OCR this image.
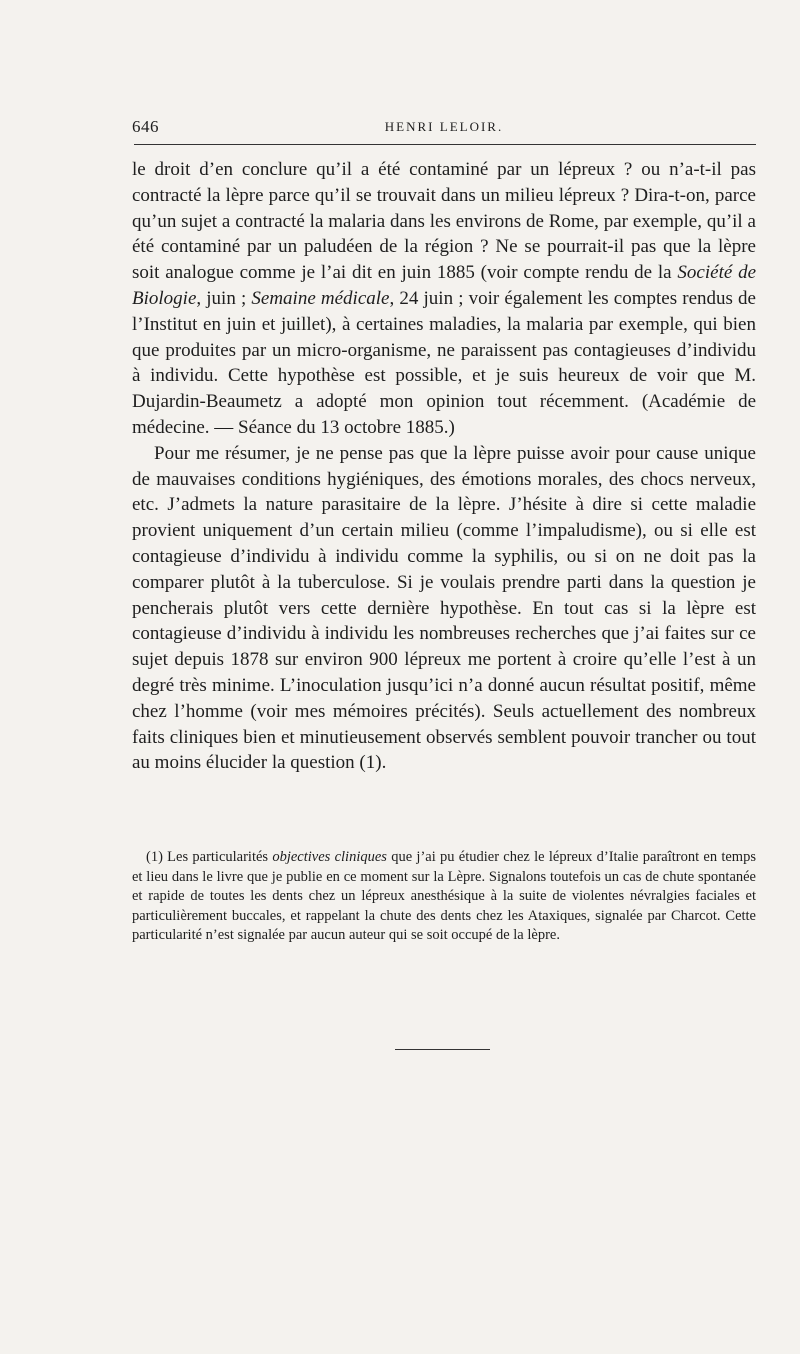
646	HENRI LELOIR.

le droit d’en conclure qu’il a été contaminé par un lépreux ? ou n’a-t-il pas contracté la lèpre parce qu’il se trouvait dans un milieu lépreux ? Dira-t-on, parce qu’un sujet a contracté la malaria dans les environs de Rome, par exemple, qu’il a été contaminé par un paludéen de la région ? Ne se pourrait-il pas que la lèpre soit analogue comme je l’ai dit en juin 1885 (voir compte rendu de la Société de Biologie, juin ; Semaine médicale, 24 juin ; voir également les comptes rendus de l’Institut en juin et juillet), à certaines maladies, la malaria par exemple, qui bien que produites par un micro-organisme, ne paraissent pas contagieuses d’individu à individu. Cette hypothèse est possible, et je suis heureux de voir que M. Dujardin-Beaumetz a adopté mon opinion tout récemment. (Académie de médecine. — Séance du 13 octobre 1885.)

Pour me résumer, je ne pense pas que la lèpre puisse avoir pour cause unique de mauvaises conditions hygiéniques, des émotions morales, des chocs nerveux, etc. J’admets la nature parasitaire de la lèpre. J’hésite à dire si cette maladie provient uniquement d’un certain milieu (comme l’impaludisme), ou si elle est contagieuse d’individu à individu comme la syphilis, ou si on ne doit pas la comparer plutôt à la tuberculose. Si je voulais prendre parti dans la question je pencherais plutôt vers cette dernière hypothèse. En tout cas si la lèpre est contagieuse d’individu à individu les nombreuses recherches que j’ai faites sur ce sujet depuis 1878 sur environ 900 lépreux me portent à croire qu’elle l’est à un degré très minime. L’inoculation jusqu’ici n’a donné aucun résultat positif, même chez l’homme (voir mes mémoires précités). Seuls actuellement des nombreux faits cliniques bien et minutieusement observés semblent pouvoir trancher ou tout au moins élucider la question (1).

(1) Les particularités objectives cliniques que j’ai pu étudier chez le lépreux d’Italie paraîtront en temps et lieu dans le livre que je publie en ce moment sur la Lèpre. Signalons toutefois un cas de chute spontanée et rapide de toutes les dents chez un lépreux anesthésique à la suite de violentes névralgies faciales et particulièrement buccales, et rappelant la chute des dents chez les Ataxiques, signalée par Charcot. Cette particularité n’est signalée par aucun auteur qui se soit occupé de la lèpre.
